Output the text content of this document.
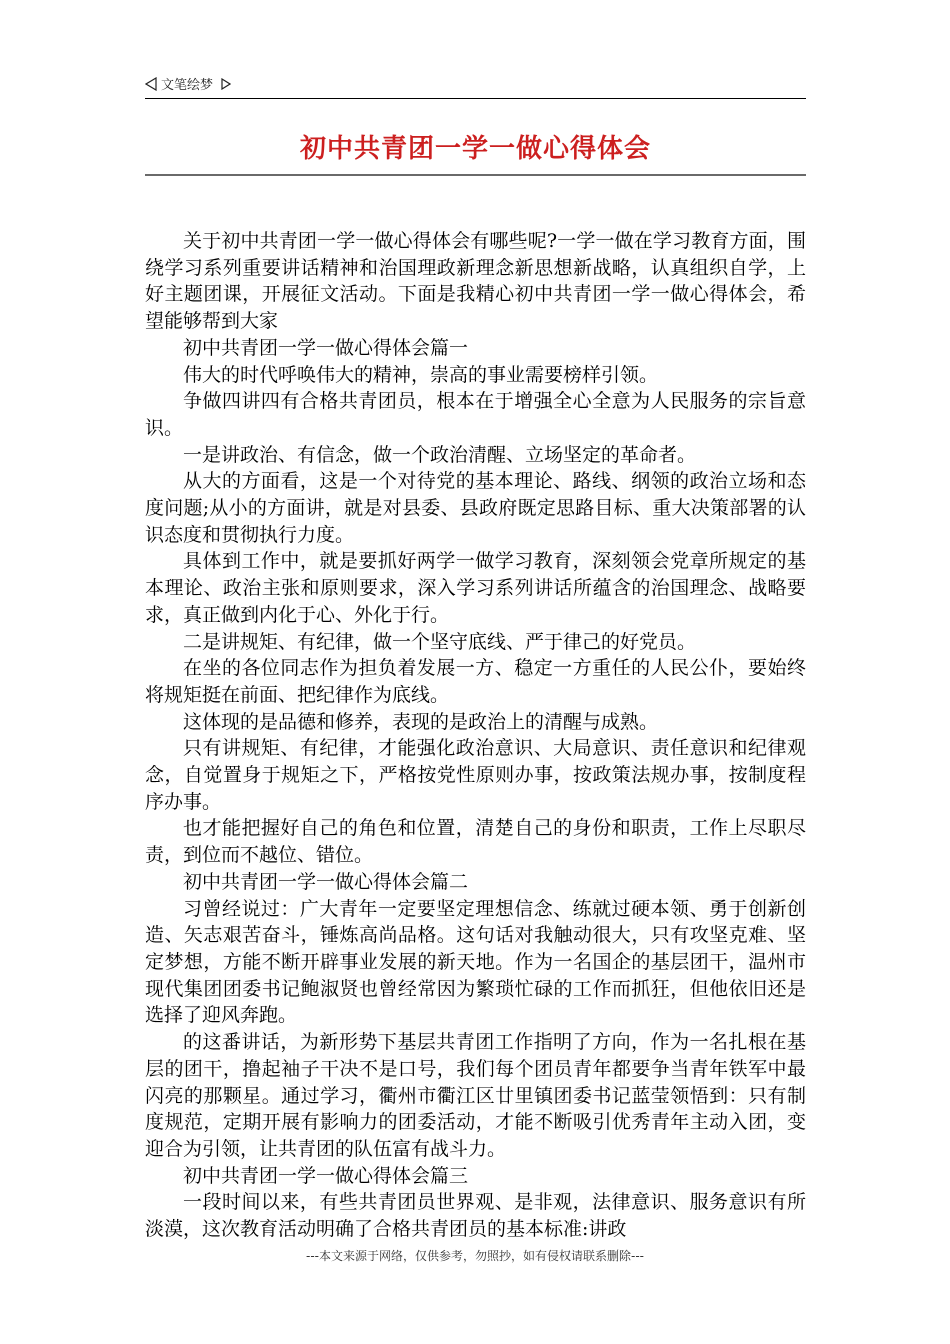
文笔绘梦
初中共青团一学一做心得体会

关于初中共青团一学一做心得体会有哪些呢?一学一做在学习教育方面，围绕学习系列重要讲话精神和治国理政新理念新思想新战略，认真组织自学，上好主题团课，开展征文活动。下面是我精心初中共青团一学一做心得体会，希望能够帮到大家

初中共青团一学一做心得体会篇一

伟大的时代呼唤伟大的精神，崇高的事业需要榜样引领。

争做四讲四有合格共青团员，根本在于增强全心全意为人民服务的宗旨意识。

一是讲政治、有信念，做一个政治清醒、立场坚定的革命者。

从大的方面看，这是一个对待党的基本理论、路线、纲领的政治立场和态度问题;从小的方面讲，就是对县委、县政府既定思路目标、重大决策部署的认识态度和贯彻执行力度。

具体到工作中，就是要抓好两学一做学习教育，深刻领会党章所规定的基本理论、政治主张和原则要求，深入学习系列讲话所蕴含的治国理念、战略要求，真正做到内化于心、外化于行。

二是讲规矩、有纪律，做一个坚守底线、严于律己的好党员。

在坐的各位同志作为担负着发展一方、稳定一方重任的人民公仆，要始终将规矩挺在前面、把纪律作为底线。

这体现的是品德和修养，表现的是政治上的清醒与成熟。

只有讲规矩、有纪律，才能强化政治意识、大局意识、责任意识和纪律观念，自觉置身于规矩之下，严格按党性原则办事，按政策法规办事，按制度程序办事。

也才能把握好自己的角色和位置，清楚自己的身份和职责，工作上尽职尽责，到位而不越位、错位。

初中共青团一学一做心得体会篇二

习曾经说过：广大青年一定要坚定理想信念、练就过硬本领、勇于创新创造、矢志艰苦奋斗，锤炼高尚品格。这句话对我触动很大，只有攻坚克难、坚定梦想，方能不断开辟事业发展的新天地。作为一名国企的基层团干，温州市现代集团团委书记鲍淑贤也曾经常因为繁琐忙碌的工作而抓狂，但他依旧还是选择了迎风奔跑。

的这番讲话，为新形势下基层共青团工作指明了方向，作为一名扎根在基层的团干，撸起袖子干决不是口号，我们每个团员青年都要争当青年铁军中最闪亮的那颗星。通过学习，衢州市衢江区廿里镇团委书记蓝莹领悟到：只有制度规范，定期开展有影响力的团委活动，才能不断吸引优秀青年主动入团，变迎合为引领，让共青团的队伍富有战斗力。

初中共青团一学一做心得体会篇三

一段时间以来，有些共青团员世界观、是非观，法律意识、服务意识有所淡漠，这次教育活动明确了合格共青团员的基本标准:讲政

---本文来源于网络，仅供参考，勿照抄，如有侵权请联系删除---
